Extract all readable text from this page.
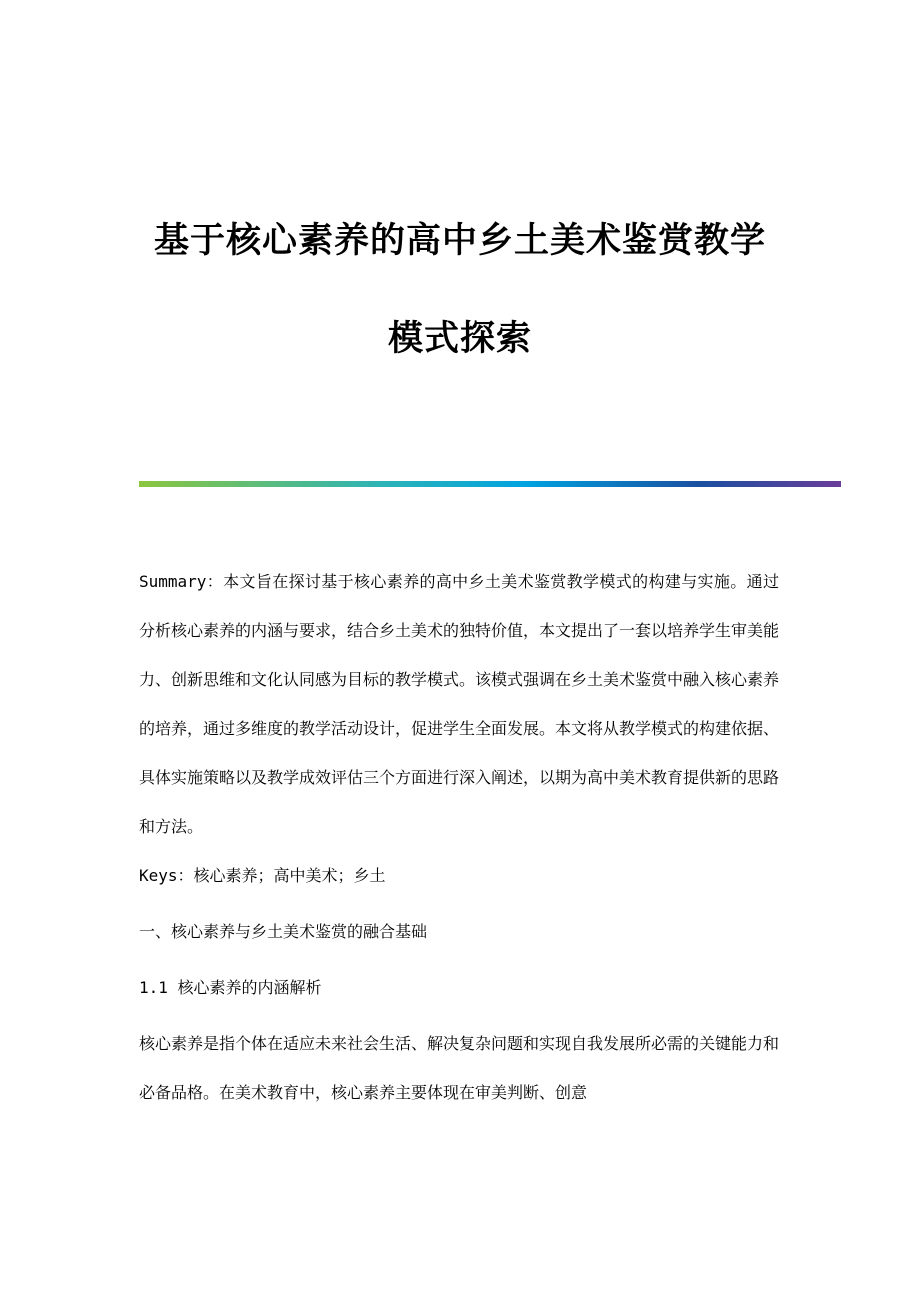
基于核心素养的高中乡土美术鉴赏教学
模式探索

Summary：本文旨在探讨基于核心素养的高中乡土美术鉴赏教学模式的构建与实施。通过分析核心素养的内涵与要求，结合乡土美术的独特价值，本文提出了一套以培养学生审美能力、创新思维和文化认同感为目标的教学模式。该模式强调在乡土美术鉴赏中融入核心素养的培养，通过多维度的教学活动设计，促进学生全面发展。本文将从教学模式的构建依据、具体实施策略以及教学成效评估三个方面进行深入阐述，以期为高中美术教育提供新的思路和方法。

Keys：核心素养；高中美术；乡土

一、核心素养与乡土美术鉴赏的融合基础

1.1 核心素养的内涵解析

核心素养是指个体在适应未来社会生活、解决复杂问题和实现自我发展所必需的关键能力和必备品格。在美术教育中，核心素养主要体现在审美判断、创意
